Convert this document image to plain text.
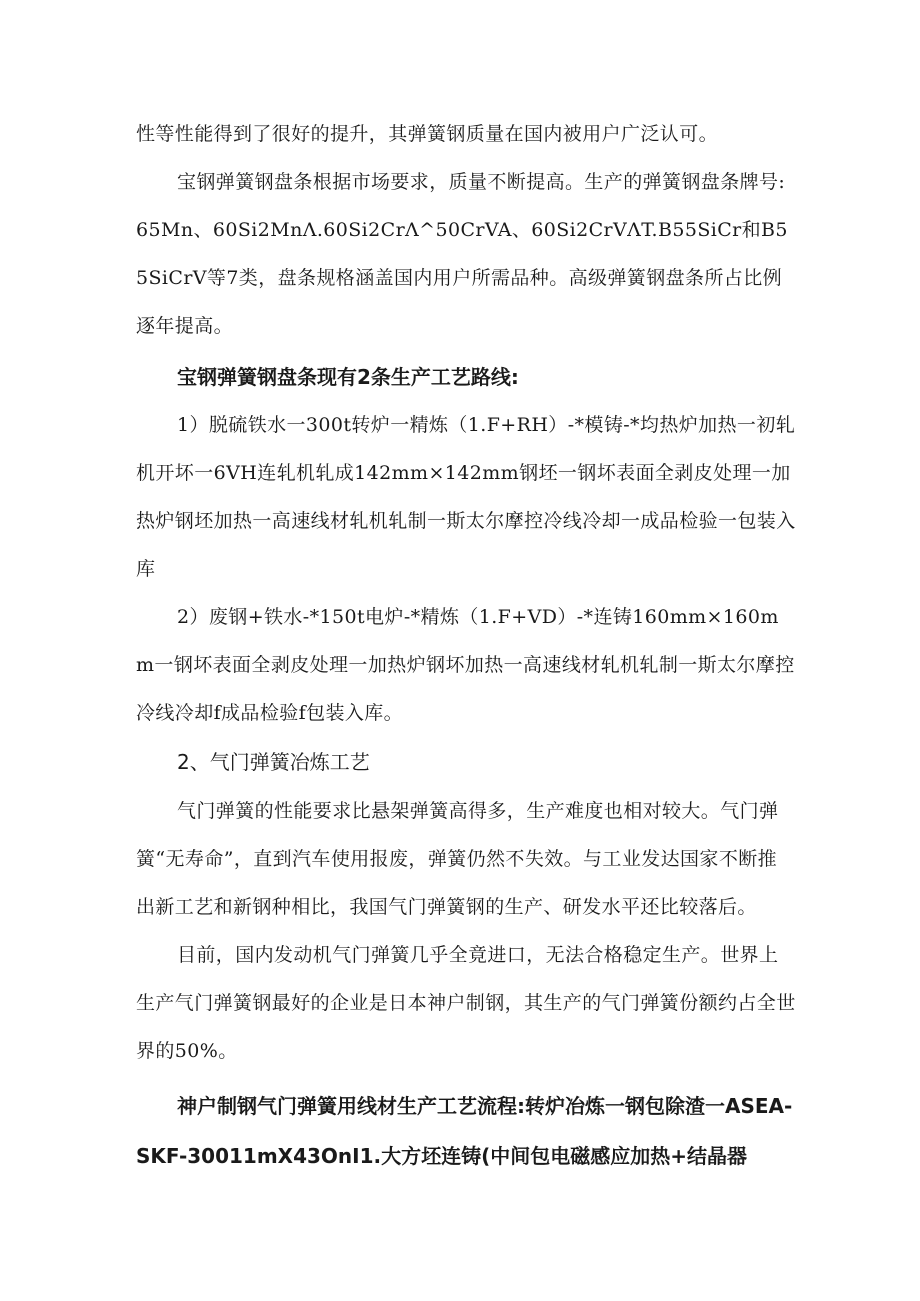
性等性能得到了很好的提升，其弹簧钢质量在国内被用户广泛认可。

宝钢弹簧钢盘条根据市场要求，质量不断提高。生产的弹簧钢盘条牌号:65Mn、60Si2MnΛ.60Si2CrΛ^50CrVA、60Si2CrVΛT.B55SiCr和B55SiCrV等7类，盘条规格涵盖国内用户所需品种。高级弹簧钢盘条所占比例逐年提高。

宝钢弹簧钢盘条现有2条生产工艺路线:

1）脱硫铁水一300t转炉一精炼（1.F+RH）-*模铸-*均热炉加热一初轧机开坏一6VH连轧机轧成142mm×142mm钢坯一钢坏表面全剥皮处理一加热炉钢坯加热一高速线材轧机轧制一斯太尔摩控冷线冷却一成品检验一包装入库

2）废钢+铁水-*150t电炉-*精炼（1.F+VD）-*连铸160mm×160mm一钢坏表面全剥皮处理一加热炉钢坏加热一高速线材轧机轧制一斯太尔摩控冷线冷却f成品检验f包装入库。

2、气门弹簧冶炼工艺

气门弹簧的性能要求比悬架弹簧高得多，生产难度也相对较大。气门弹簧“无寿命”，直到汽车使用报废，弹簧仍然不失效。与工业发达国家不断推出新工艺和新钢种相比，我国气门弹簧钢的生产、研发水平还比较落后。

目前，国内发动机气门弹簧几乎全竟进口，无法合格稳定生产。世界上生产气门弹簧钢最好的企业是日本神户制钢，其生产的气门弹簧份额约占全世界的50%。

神户制钢气门弹簧用线材生产工艺流程:转炉冶炼一钢包除渣一ASEA-SKF-30011mX43OnI1.大方坯连铸(中间包电磁感应加热+结晶器
